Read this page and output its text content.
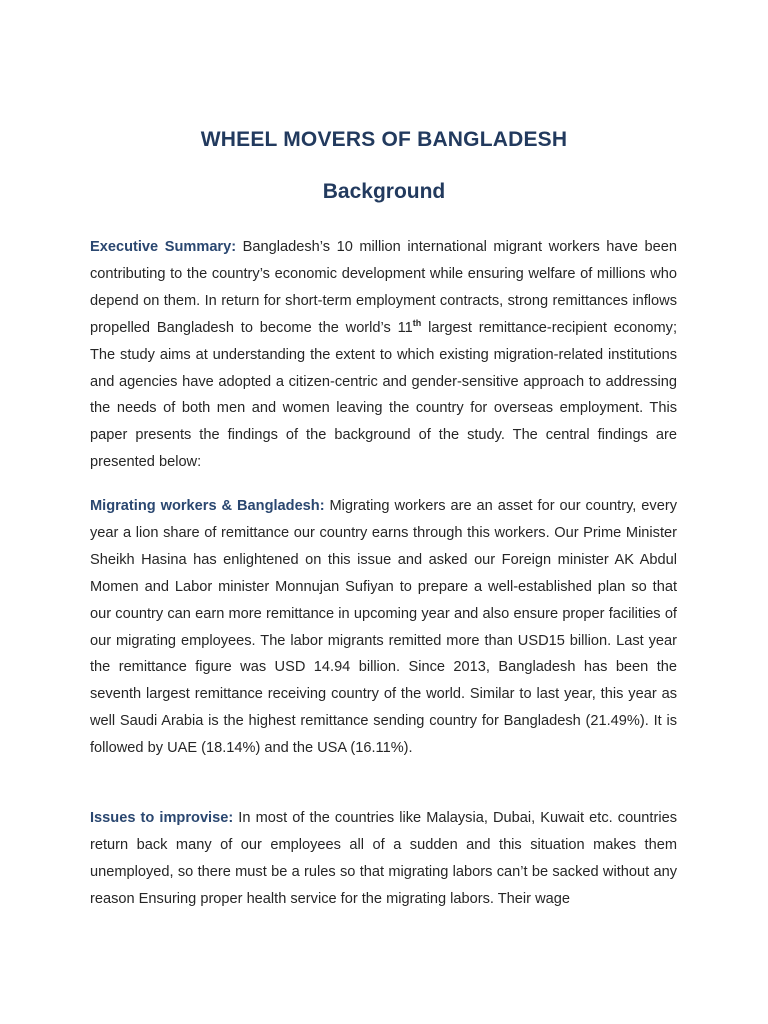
WHEEL MOVERS OF BANGLADESH
Background

Executive Summary: Bangladesh’s 10 million international migrant workers have been contributing to the country’s economic development while ensuring welfare of millions who depend on them. In return for short-term employment contracts, strong remittances inflows propelled Bangladesh to become the world’s 11th largest remittance-recipient economy; The study aims at understanding the extent to which existing migration-related institutions and agencies have adopted a citizen-centric and gender-sensitive approach to addressing the needs of both men and women leaving the country for overseas employment. This paper presents the findings of the background of the study. The central findings are presented below:

Migrating workers & Bangladesh: Migrating workers are an asset for our country, every year a lion share of remittance our country earns through this workers. Our Prime Minister Sheikh Hasina has enlightened on this issue and asked our Foreign minister AK Abdul Momen and Labor minister Monnujan Sufiyan to prepare a well-established plan so that our country can earn more remittance in upcoming year and also ensure proper facilities of our migrating employees. The labor migrants remitted more than USD15 billion. Last year the remittance figure was USD 14.94 billion. Since 2013, Bangladesh has been the seventh largest remittance receiving country of the world. Similar to last year, this year as well Saudi Arabia is the highest remittance sending country for Bangladesh (21.49%). It is followed by UAE (18.14%) and the USA (16.11%).

Issues to improvise: In most of the countries like Malaysia, Dubai, Kuwait etc. countries return back many of our employees all of a sudden and this situation makes them unemployed, so there must be a rules so that migrating labors can’t be sacked without any reason Ensuring proper health service for the migrating labors. Their wage
